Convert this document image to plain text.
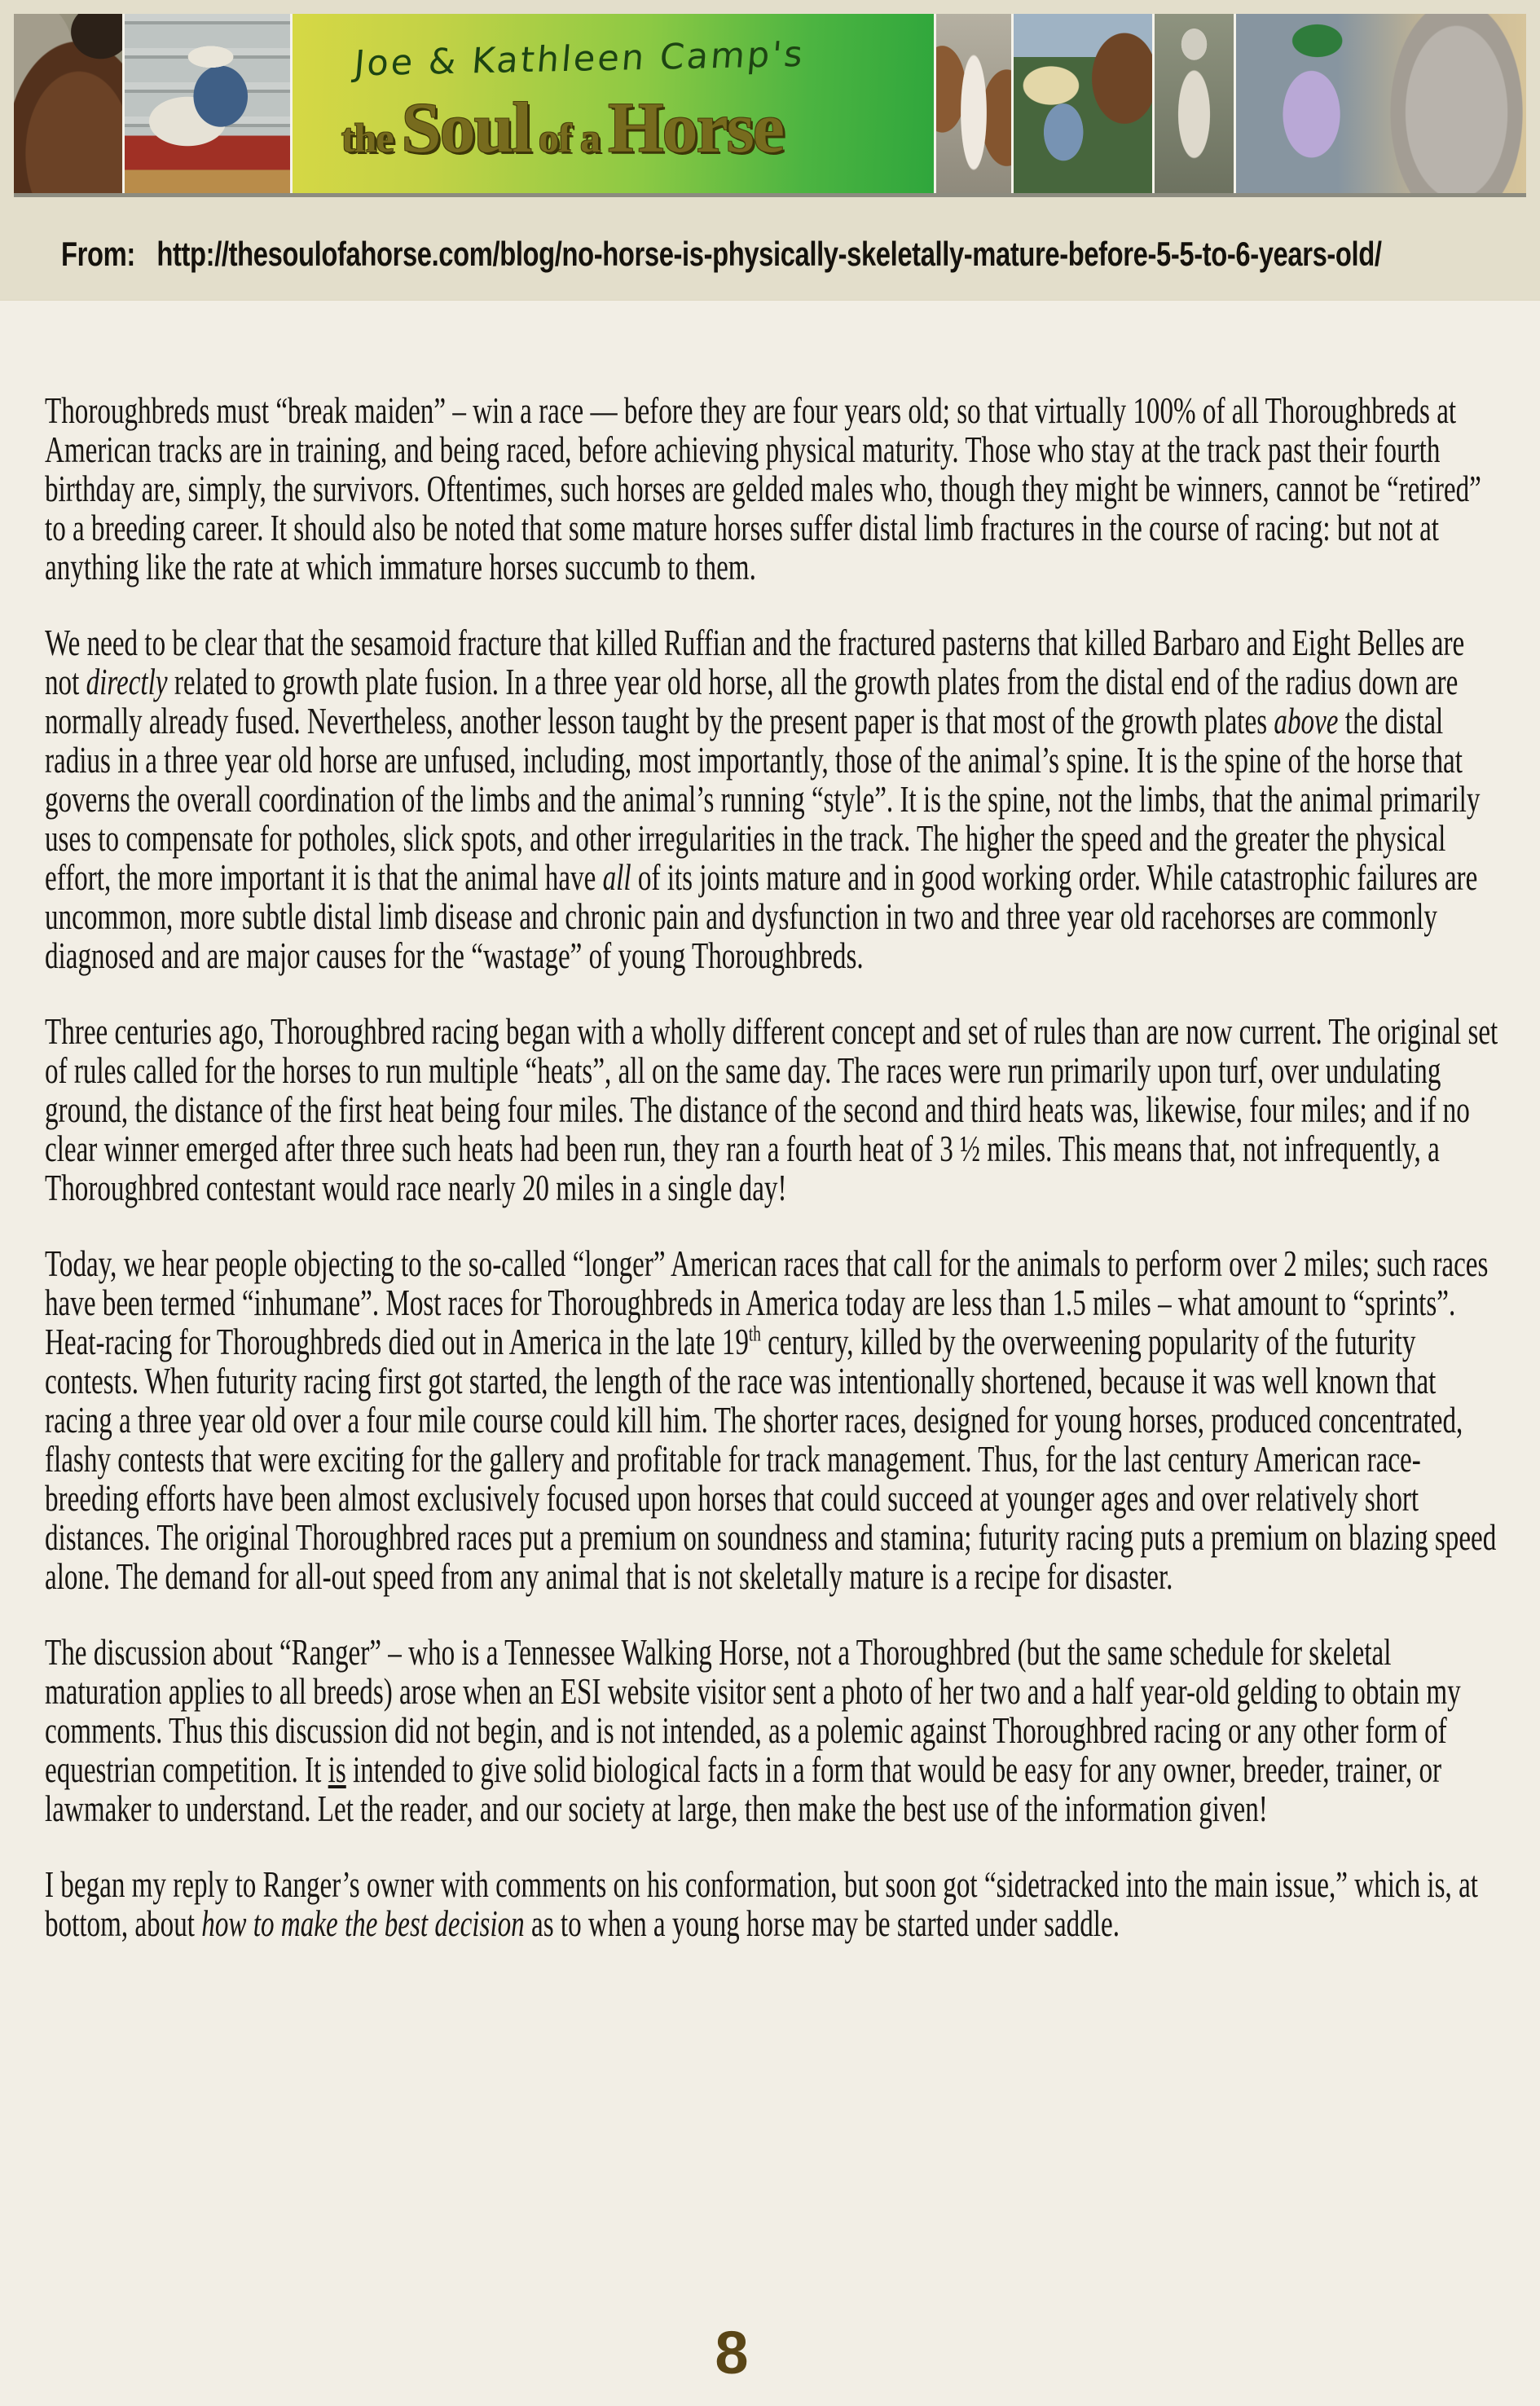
Joe & Kathleen Camp's
the Soul of a Horse
From: http://thesoulofahorse.com/blog/no-horse-is-physically-skeletally-mature-before-5-5-to-6-years-old/

Thoroughbreds must “break maiden” – win a race — before they are four years old; so that virtually 100% of all Thoroughbreds at American tracks are in training, and being raced, before achieving physical maturity. Those who stay at the track past their fourth birthday are, simply, the survivors. Oftentimes, such horses are gelded males who, though they might be winners, cannot be “retired” to a breeding career. It should also be noted that some mature horses suffer distal limb fractures in the course of racing: but not at anything like the rate at which immature horses succumb to them.

We need to be clear that the sesamoid fracture that killed Ruffian and the fractured pasterns that killed Barbaro and Eight Belles are not directly related to growth plate fusion. In a three year old horse, all the growth plates from the distal end of the radius down are normally already fused. Nevertheless, another lesson taught by the present paper is that most of the growth plates above the distal radius in a three year old horse are unfused, including, most importantly, those of the animal’s spine. It is the spine of the horse that governs the overall coordination of the limbs and the animal’s running “style”. It is the spine, not the limbs, that the animal primarily uses to compensate for potholes, slick spots, and other irregularities in the track. The higher the speed and the greater the physical effort, the more important it is that the animal have all of its joints mature and in good working order. While catastrophic failures are uncommon, more subtle distal limb disease and chronic pain and dysfunction in two and three year old racehorses are commonly diagnosed and are major causes for the “wastage” of young Thoroughbreds.

Three centuries ago, Thoroughbred racing began with a wholly different concept and set of rules than are now current. The original set of rules called for the horses to run multiple “heats”, all on the same day. The races were run primarily upon turf, over undulating ground, the distance of the first heat being four miles. The distance of the second and third heats was, likewise, four miles; and if no clear winner emerged after three such heats had been run, they ran a fourth heat of 3 ½ miles. This means that, not infrequently, a Thoroughbred contestant would race nearly 20 miles in a single day!

Today, we hear people objecting to the so-called “longer” American races that call for the animals to perform over 2 miles; such races have been termed “inhumane”. Most races for Thoroughbreds in America today are less than 1.5 miles – what amount to “sprints”. Heat-racing for Thoroughbreds died out in America in the late 19th century, killed by the overweening popularity of the futurity contests. When futurity racing first got started, the length of the race was intentionally shortened, because it was well known that racing a three year old over a four mile course could kill him. The shorter races, designed for young horses, produced concentrated, flashy contests that were exciting for the gallery and profitable for track management. Thus, for the last century American race-breeding efforts have been almost exclusively focused upon horses that could succeed at younger ages and over relatively short distances. The original Thoroughbred races put a premium on soundness and stamina; futurity racing puts a premium on blazing speed alone. The demand for all-out speed from any animal that is not skeletally mature is a recipe for disaster.

The discussion about “Ranger” – who is a Tennessee Walking Horse, not a Thoroughbred (but the same schedule for skeletal maturation applies to all breeds) arose when an ESI website visitor sent a photo of her two and a half year-old gelding to obtain my comments. Thus this discussion did not begin, and is not intended, as a polemic against Thoroughbred racing or any other form of equestrian competition. It is intended to give solid biological facts in a form that would be easy for any owner, breeder, trainer, or lawmaker to understand. Let the reader, and our society at large, then make the best use of the information given!

I began my reply to Ranger’s owner with comments on his conformation, but soon got “sidetracked into the main issue,” which is, at bottom, about how to make the best decision as to when a young horse may be started under saddle.

8
